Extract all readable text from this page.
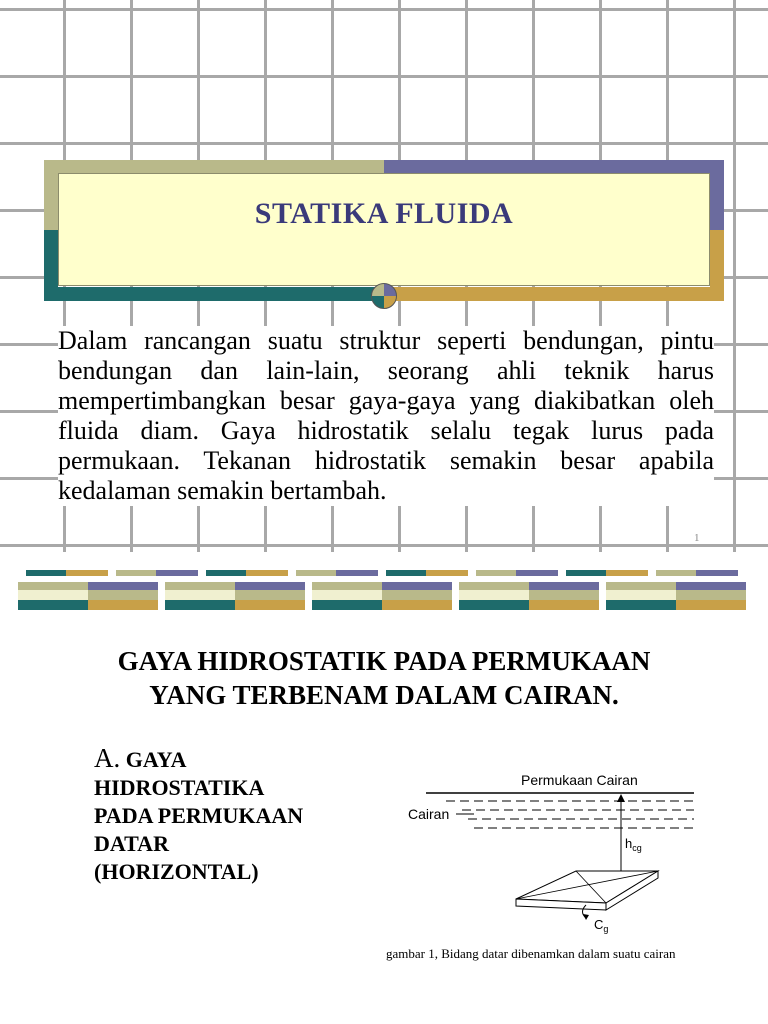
STATIKA FLUIDA

Dalam rancangan suatu struktur seperti bendungan, pintu bendungan dan lain-lain, seorang ahli teknik harus mempertimbangkan besar gaya-gaya yang diakibatkan oleh fluida diam. Gaya hidrostatik selalu tegak lurus pada permukaan. Tekanan hidrostatik semakin besar apabila kedalaman semakin bertambah.

1
GAYA HIDROSTATIK PADA PERMUKAAN
YANG TERBENAM DALAM CAIRAN.
A. GAYA
HIDROSTATIKA
PADA PERMUKAAN
DATAR
(HORIZONTAL)
Permukaan Cairan
Cairan
$h_{cg}$
$C_g$
gambar 1, Bidang datar dibenamkan dalam suatu cairan
